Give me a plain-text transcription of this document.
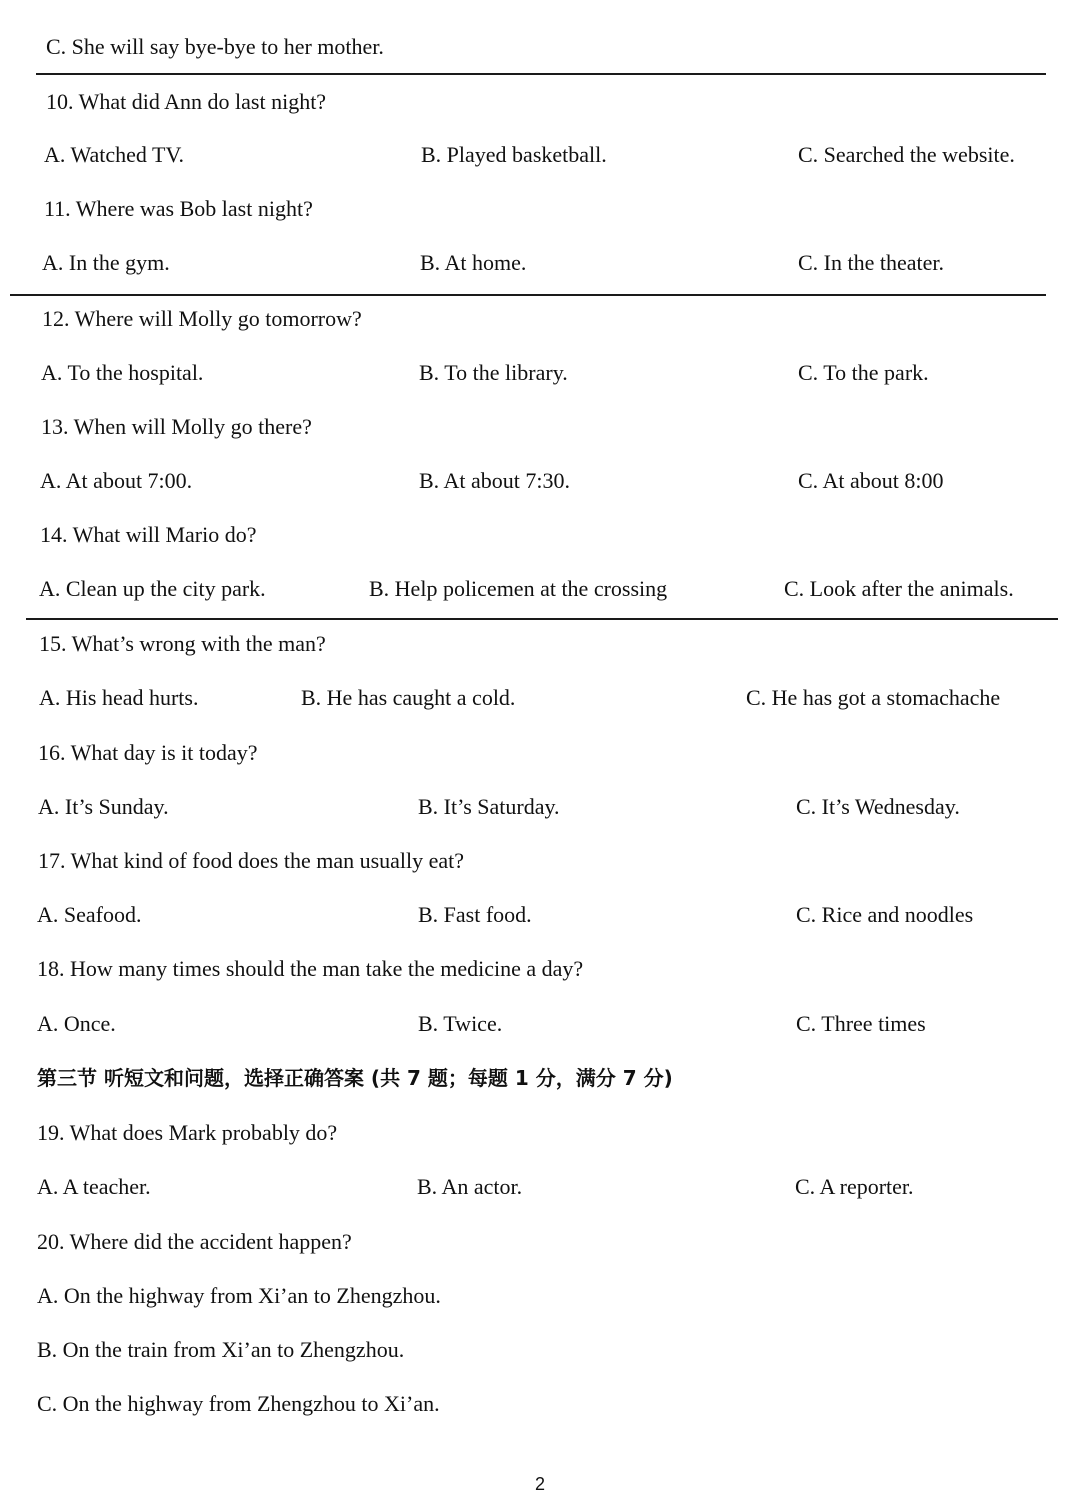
C. She will say bye-bye to her mother.
10. What did Ann do last night?
A. Watched TV.	B. Played basketball.	C. Searched the website.
11. Where was Bob last night?
A. In the gym.	B. At home.	C. In the theater.
12. Where will Molly go tomorrow?
A. To the hospital.	B. To the library.	C. To the park.
13. When will Molly go there?
A. At about 7:00.	B. At about 7:30.	C. At about 8:00
14. What will Mario do?
A. Clean up the city park.	B. Help policemen at the crossing	C. Look after the animals.
15. What’s wrong with the man?
A. His head hurts.	B. He has caught a cold.	C. He has got a stomachache
16. What day is it today?
A. It’s Sunday.	B. It’s Saturday.	C. It’s Wednesday.
17. What kind of food does the man usually eat?
A. Seafood.	B. Fast food.	C. Rice and noodles
18. How many times should the man take the medicine a day?
A. Once.	B. Twice.	C. Three times
第三节 听短文和问题，选择正确答案 (共 7 题；每题 1 分，满分 7 分)
19. What does Mark probably do?
A. A teacher.	B. An actor.	C. A reporter.
20. Where did the accident happen?
A. On the highway from Xi’an to Zhengzhou.
B. On the train from Xi’an to Zhengzhou.
C. On the highway from Zhengzhou to Xi’an.
2
